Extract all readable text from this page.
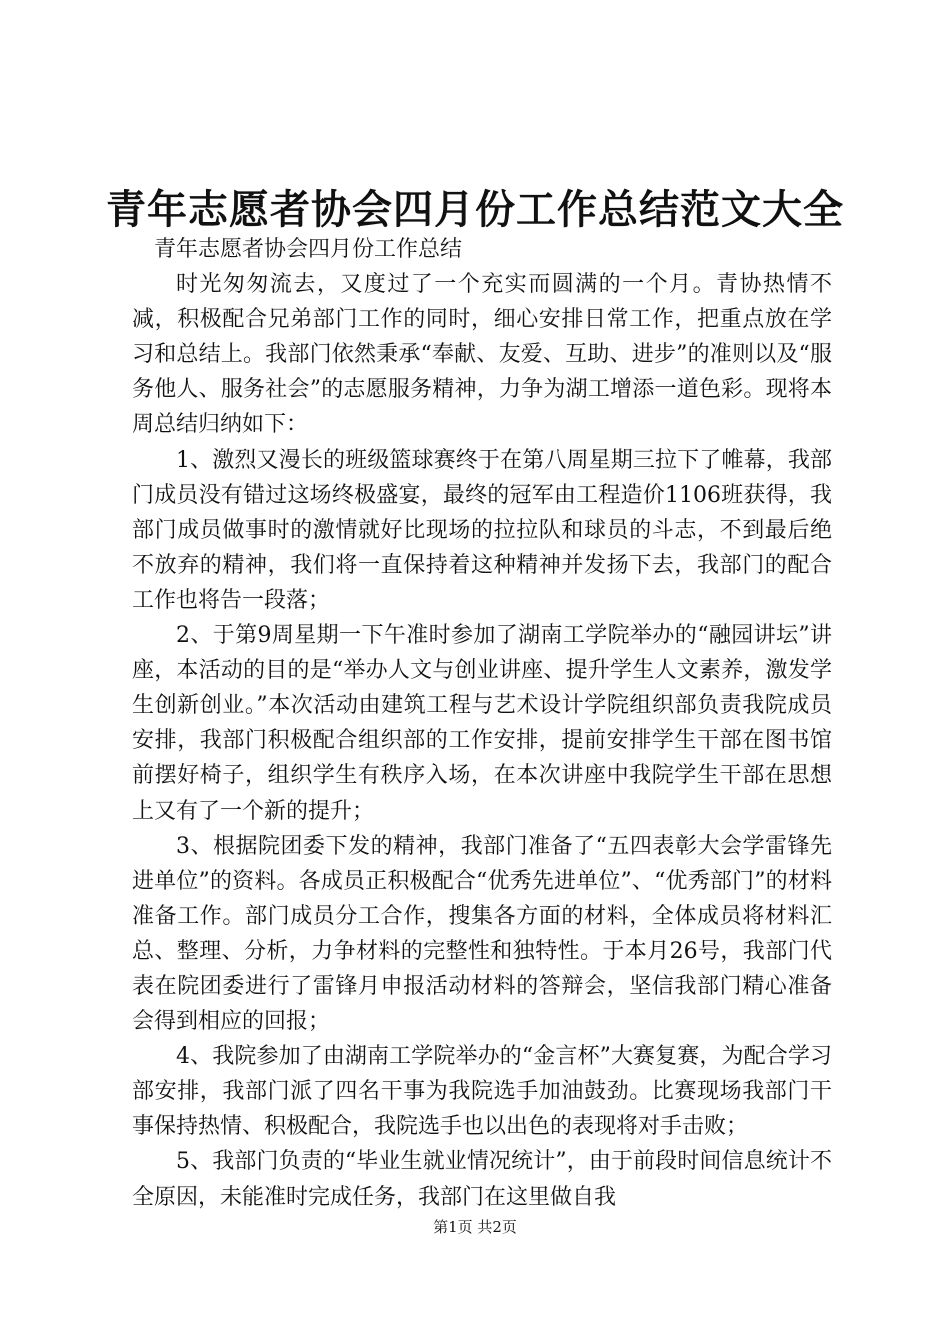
青年志愿者协会四月份工作总结范文大全

青年志愿者协会四月份工作总结

时光匆匆流去，又度过了一个充实而圆满的一个月。青协热情不减，积极配合兄弟部门工作的同时，细心安排日常工作，把重点放在学习和总结上。我部门依然秉承“奉献、友爱、互助、进步”的准则以及“服务他人、服务社会”的志愿服务精神，力争为湖工增添一道色彩。现将本周总结归纳如下：

1、激烈又漫长的班级篮球赛终于在第八周星期三拉下了帷幕，我部门成员没有错过这场终极盛宴，最终的冠军由工程造价1106班获得，我部门成员做事时的激情就好比现场的拉拉队和球员的斗志，不到最后绝不放弃的精神，我们将一直保持着这种精神并发扬下去，我部门的配合工作也将告一段落；

2、于第9周星期一下午准时参加了湖南工学院举办的“融园讲坛”讲座，本活动的目的是“举办人文与创业讲座、提升学生人文素养，激发学生创新创业。”本次活动由建筑工程与艺术设计学院组织部负责我院成员安排，我部门积极配合组织部的工作安排，提前安排学生干部在图书馆前摆好椅子，组织学生有秩序入场，在本次讲座中我院学生干部在思想上又有了一个新的提升；

3、根据院团委下发的精神，我部门准备了“五四表彰大会学雷锋先进单位”的资料。各成员正积极配合“优秀先进单位”、“优秀部门”的材料准备工作。部门成员分工合作，搜集各方面的材料，全体成员将材料汇总、整理、分析，力争材料的完整性和独特性。于本月26号，我部门代表在院团委进行了雷锋月申报活动材料的答辩会，坚信我部门精心准备会得到相应的回报；

4、我院参加了由湖南工学院举办的“金言杯”大赛复赛，为配合学习部安排，我部门派了四名干事为我院选手加油鼓劲。比赛现场我部门干事保持热情、积极配合，我院选手也以出色的表现将对手击败；

5、我部门负责的“毕业生就业情况统计”，由于前段时间信息统计不全原因，未能准时完成任务，我部门在这里做自我

第1页 共2页
